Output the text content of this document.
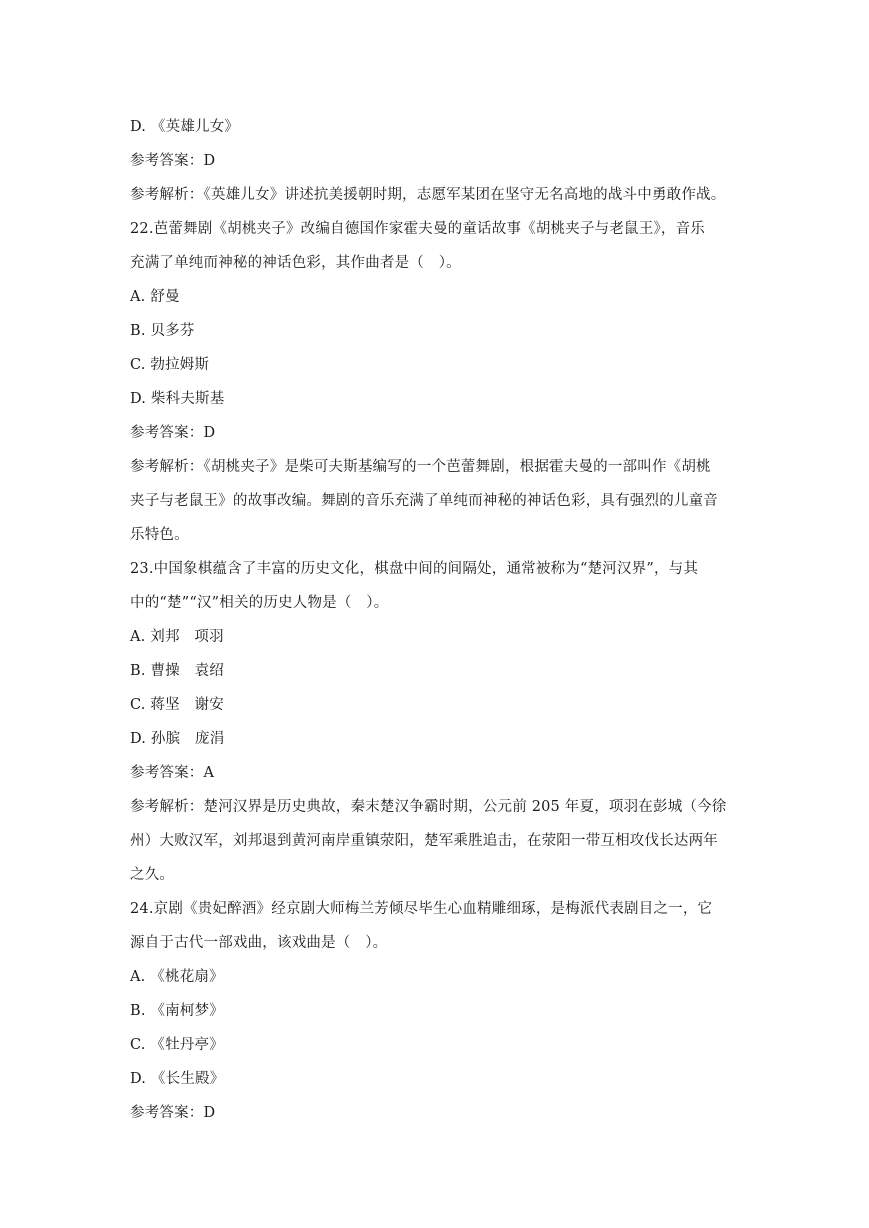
D. 《英雄儿女》
参考答案：D
参考解析：《英雄儿女》讲述抗美援朝时期，志愿军某团在坚守无名高地的战斗中勇敢作战。
22.芭蕾舞剧《胡桃夹子》改编自德国作家霍夫曼的童话故事《胡桃夹子与老鼠王》，音乐
充满了单纯而神秘的神话色彩，其作曲者是（　）。
A. 舒曼
B. 贝多芬
C. 勃拉姆斯
D. 柴科夫斯基
参考答案：D
参考解析：《胡桃夹子》是柴可夫斯基编写的一个芭蕾舞剧，根据霍夫曼的一部叫作《胡桃
夹子与老鼠王》的故事改编。舞剧的音乐充满了单纯而神秘的神话色彩，具有强烈的儿童音
乐特色。
23.中国象棋蕴含了丰富的历史文化，棋盘中间的间隔处，通常被称为“楚河汉界”，与其
中的“楚”“汉”相关的历史人物是（　）。
A. 刘邦　项羽
B. 曹操　袁绍
C. 蒋坚　谢安
D. 孙膑　庞涓
参考答案：A
参考解析：楚河汉界是历史典故，秦末楚汉争霸时期，公元前 205 年夏，项羽在彭城（今徐
州）大败汉军，刘邦退到黄河南岸重镇荥阳，楚军乘胜追击，在荥阳一带互相攻伐长达两年
之久。
24.京剧《贵妃醉酒》经京剧大师梅兰芳倾尽毕生心血精雕细琢，是梅派代表剧目之一，它
源自于古代一部戏曲，该戏曲是（　）。
A. 《桃花扇》
B. 《南柯梦》
C. 《牡丹亭》
D. 《长生殿》
参考答案：D
